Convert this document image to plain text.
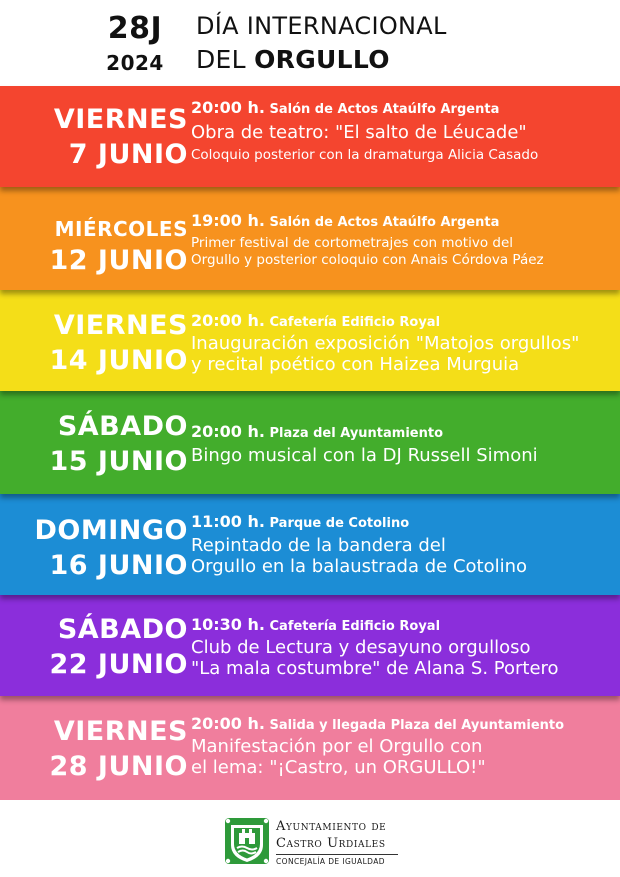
28J
2024
DÍA INTERNACIONAL
DEL ORGULLO
VIERNES
7 JUNIO
20:00 h. Salón de Actos Ataúlfo Argenta
Obra de teatro: "El salto de Léucade"
Coloquio posterior con la dramaturga Alicia Casado
MIÉRCOLES
12 JUNIO
19:00 h. Salón de Actos Ataúlfo Argenta
Primer festival de cortometrajes con motivo del
Orgullo y posterior coloquio con Anais Córdova Páez
VIERNES
14 JUNIO
20:00 h. Cafetería Edificio Royal
Inauguración exposición "Matojos orgullos"
y recital poético con Haizea Murguia
SÁBADO
15 JUNIO
20:00 h. Plaza del Ayuntamiento
Bingo musical con la DJ Russell Simoni
DOMINGO
16 JUNIO
11:00 h. Parque de Cotolino
Repintado de la bandera del
Orgullo en la balaustrada de Cotolino
SÁBADO
22 JUNIO
10:30 h. Cafetería Edificio Royal
Club de Lectura y desayuno orgulloso
"La mala costumbre" de Alana S. Portero
VIERNES
28 JUNIO
20:00 h. Salida y llegada Plaza del Ayuntamiento
Manifestación por el Orgullo con
el lema: "¡Castro, un ORGULLO!"
Ayuntamiento de
Castro Urdiales
CONCEJALÍA DE IGUALDAD
